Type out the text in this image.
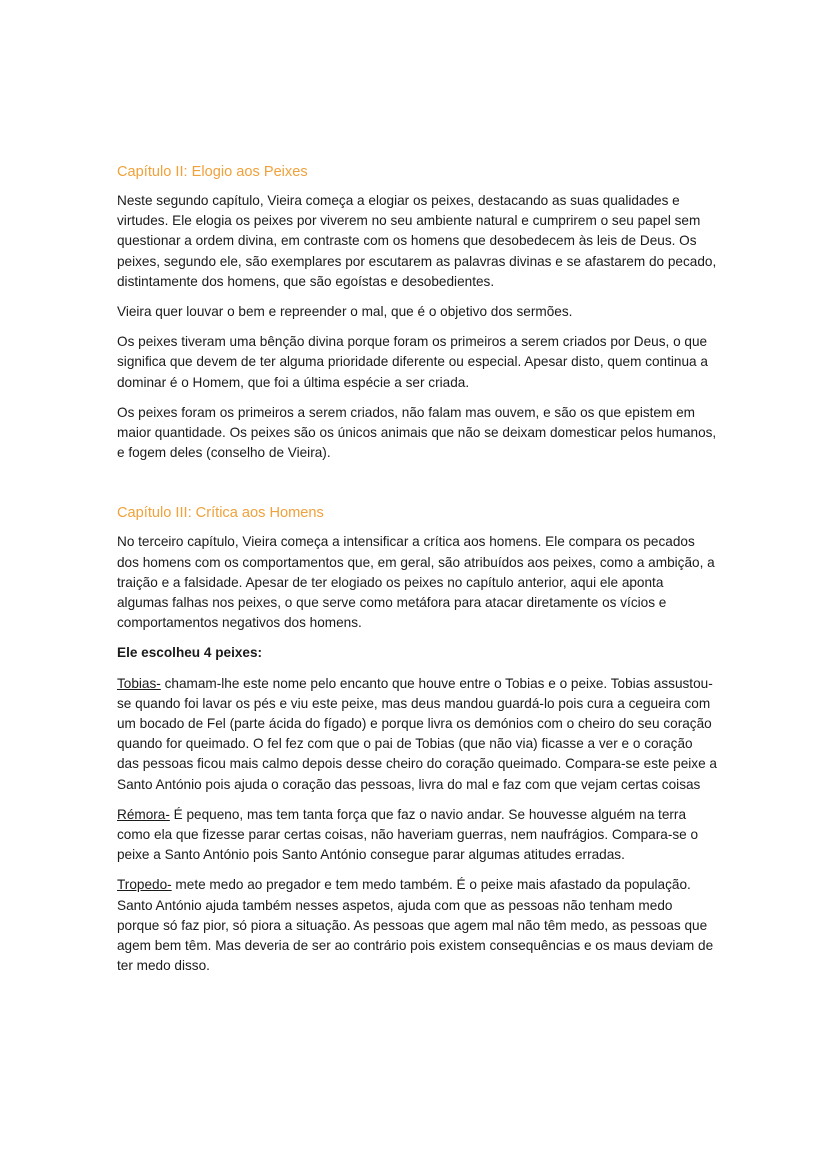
Capítulo II: Elogio aos Peixes

Neste segundo capítulo, Vieira começa a elogiar os peixes, destacando as suas qualidades e virtudes. Ele elogia os peixes por viverem no seu ambiente natural e cumprirem o seu papel sem questionar a ordem divina, em contraste com os homens que desobedecem às leis de Deus. Os peixes, segundo ele, são exemplares por escutarem as palavras divinas e se afastarem do pecado, distintamente dos homens, que são egoístas e desobedientes.

Vieira quer louvar o bem e repreender o mal, que é o objetivo dos sermões.

Os peixes tiveram uma bênção divina porque foram os primeiros a serem criados por Deus, o que significa que devem de ter alguma prioridade diferente ou especial. Apesar disto, quem continua a dominar é o Homem, que foi a última espécie a ser criada.

Os peixes foram os primeiros a serem criados, não falam mas ouvem, e são os que epistem em maior quantidade. Os peixes são os únicos animais que não se deixam domesticar pelos humanos, e fogem deles (conselho de Vieira).

Capítulo III: Crítica aos Homens

No terceiro capítulo, Vieira começa a intensificar a crítica aos homens. Ele compara os pecados dos homens com os comportamentos que, em geral, são atribuídos aos peixes, como a ambição, a traição e a falsidade. Apesar de ter elogiado os peixes no capítulo anterior, aqui ele aponta algumas falhas nos peixes, o que serve como metáfora para atacar diretamente os vícios e comportamentos negativos dos homens.

Ele escolheu 4 peixes:

Tobias- chamam-lhe este nome pelo encanto que houve entre o Tobias e o peixe. Tobias assustou-se quando foi lavar os pés e viu este peixe, mas deus mandou guardá-lo pois cura a cegueira com um bocado de Fel (parte ácida do fígado) e porque livra os demónios com o cheiro do seu coração quando for queimado. O fel fez com que o pai de Tobias (que não via) ficasse a ver e o coração das pessoas ficou mais calmo depois desse cheiro do coração queimado. Compara-se este peixe a Santo António pois ajuda o coração das pessoas, livra do mal e faz com que vejam certas coisas

Rémora- É pequeno, mas tem tanta força que faz o navio andar. Se houvesse alguém na terra como ela que fizesse parar certas coisas, não haveriam guerras, nem naufrágios. Compara-se o peixe a Santo António pois Santo António consegue parar algumas atitudes erradas.

Tropedo- mete medo ao pregador e tem medo também. É o peixe mais afastado da população. Santo António ajuda também nesses aspetos, ajuda com que as pessoas não tenham medo porque só faz pior, só piora a situação. As pessoas que agem mal não têm medo, as pessoas que agem bem têm. Mas deveria de ser ao contrário pois existem consequências e os maus deviam de ter medo disso.
